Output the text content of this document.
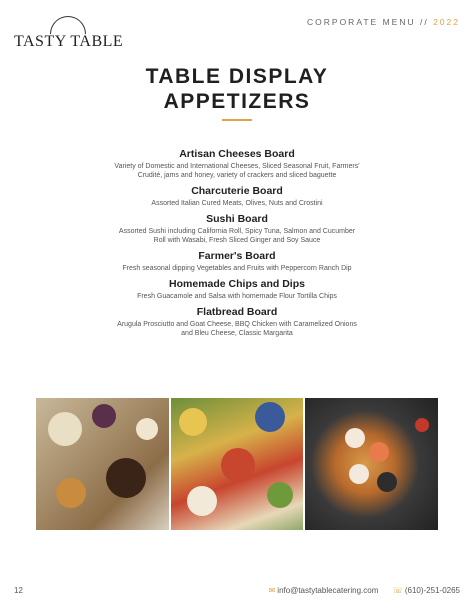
TASTY TABLE
CORPORATE MENU // 2022
TABLE DISPLAY
APPETIZERS
Artisan Cheeses Board
Variety of Domestic and International Cheeses, Sliced Seasonal Fruit, Farmers' Crudité, jams and honey, variety of crackers and sliced baguette
Charcuterie Board
Assorted Italian Cured Meats, Olives, Nuts and Crostini
Sushi Board
Assorted Sushi including California Roll, Spicy Tuna, Salmon and Cucumber Roll with Wasabi, Fresh Sliced Ginger and Soy Sauce
Farmer's Board
Fresh seasonal dipping Vegetables and Fruits with Peppercorn Ranch Dip
Homemade Chips and Dips
Fresh Guacamole and Salsa with homemade Flour Tortilla Chips
Flatbread Board
Arugula Prosciutto and Goat Cheese, BBQ Chicken with Caramelized Onions and Bleu Cheese, Classic Margarita
12	✉ info@tastytablecatering.com ☏ (610)-251-0265
